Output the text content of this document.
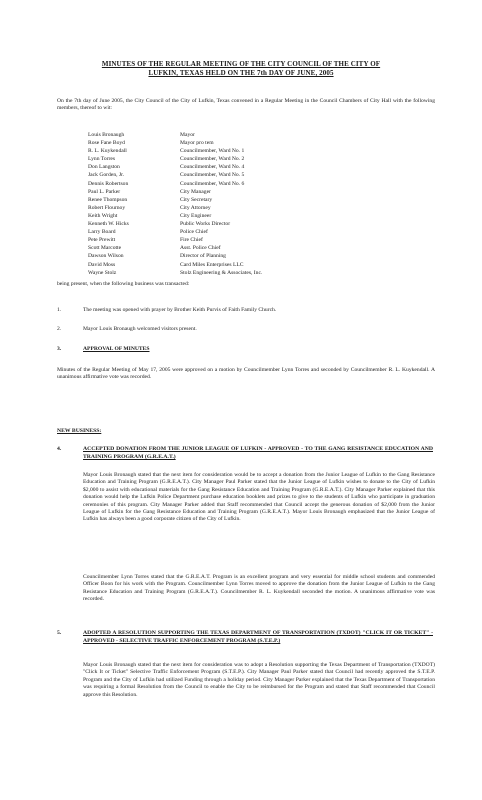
MINUTES OF THE REGULAR MEETING OF THE CITY COUNCIL OF THE CITY OF
LUFKIN, TEXAS HELD ON THE 7th DAY OF JUNE, 2005
On the 7th day of June 2005, the City Council of the City of Lufkin, Texas convened in a Regular Meeting in the Council Chambers of City Hall with the following members, thereof to wit:
Louis Bronaugh	Mayor
Rose Fane Boyd	Mayor pro tem
R. L. Kuykendall	Councilmember, Ward No. 1
Lynn Torres	Councilmember, Ward No. 2
Don Langston	Councilmember, Ward No. 4
Jack Gorden, Jr.	Councilmember, Ward No. 5
Dennis Robertson	Councilmember, Ward No. 6
Paul L. Parker	City Manager
Renee Thompson	City Secretary
Robert Flournoy	City Attorney
Keith Wright	City Engineer
Kenneth W. Hicks	Public Works Director
Larry Board	Police Chief
Pete Prewitt	Fire Chief
Scott Marcotte	Asst. Police Chief
Dawson Wilson	Director of Planning
David Moss	Card Miles Enterprises LLC
Wayne Stolz	Stolz Engineering & Associates, Inc.
being present, when the following business was transacted:
1.	The meeting was opened with prayer by Brother Keith Purvis of Faith Family Church.
2.	Mayor Louis Bronaugh welcomed visitors present.
3.	APPROVAL OF MINUTES
Minutes of the Regular Meeting of May 17, 2005 were approved on a motion by Councilmember Lynn Torres and seconded by Councilmember R. L. Kuykendall. A unanimous affirmative vote was recorded.
NEW BUSINESS:
4.	ACCEPTED DONATION FROM THE JUNIOR LEAGUE OF LUFKIN - APPROVED - TO THE GANG RESISTANCE EDUCATION AND TRAINING PROGRAM (G.R.E.A.T.)
Mayor Louis Bronaugh stated that the next item for consideration would be to accept a donation from the Junior League of Lufkin to the Gang Resistance Education and Training Program (G.R.E.A.T.). City Manager Paul Parker stated that the Junior League of Lufkin wishes to donate to the City of Lufkin $2,000 to assist with educational materials for the Gang Resistance Education and Training Program (G.R.E.A.T.). City Manager Parker explained that this donation would help the Lufkin Police Department purchase education booklets and prizes to give to the students of Lufkin who participate in graduation ceremonies of this program. City Manager Parker added that Staff recommended that Council accept the generous donation of $2,000 from the Junior League of Lufkin for the Gang Resistance Education and Training Program (G.R.E.A.T.). Mayor Louis Bronaugh emphasized that the Junior League of Lufkin has always been a good corporate citizen of the City of Lufkin.
Councilmember Lynn Torres stated that the G.R.E.A.T. Program is an excellent program and very essential for middle school students and commended Officer Boon for his work with the Program. Councilmember Lynn Torres moved to approve the donation from the Junior League of Lufkin to the Gang Resistance Education and Training Program (G.R.E.A.T.). Councilmember R. L. Kuykendall seconded the motion. A unanimous affirmative vote was recorded.
5.	ADOPTED A RESOLUTION SUPPORTING THE TEXAS DEPARTMENT OF TRANSPORTATION (TXDOT) "CLICK IT OR TICKET" - APPROVED - SELECTIVE TRAFFIC ENFORCEMENT PROGRAM (S.T.E.P.)
Mayor Louis Bronaugh stated that the next item for consideration was to adopt a Resolution supporting the Texas Department of Transportation (TXDOT) "Click It or Ticket" Selective Traffic Enforcement Program (S.T.E.P.). City Manager Paul Parker stated that Council had recently approved the S.T.E.P. Program and the City of Lufkin had utilized Funding through a holiday period. City Manager Parker explained that the Texas Department of Transportation was requiring a formal Resolution from the Council to enable the City to be reimbursed for the Program and stated that Staff recommended that Council approve this Resolution.
